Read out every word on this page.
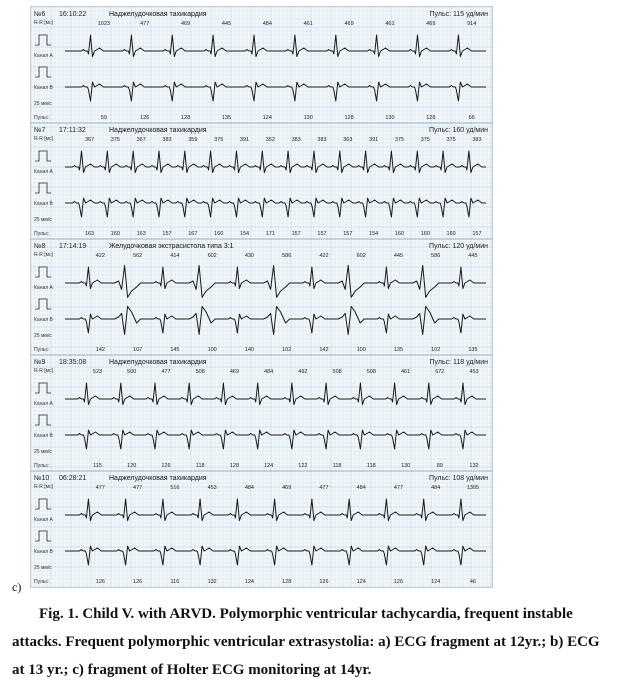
№6 16:10:22	Наджелудочковая тахикардия	Пульс: 115 уд/мин
R-R [мс]
Канал А
Канал В
25 мм/с
Пульс:
1023	477	469	445	484	461	469	461	469	914
59	126	128	135	124	130	128	130	128	66
№7 17:11:32	Наджелудочковая тахикардия	Пульс: 160 уд/мин
R-R [мс]
Канал А
Канал В
25 мм/с
Пульс:
367	375	367	383	359	375	391	352	383	383	363	391	375	375	375	383
163	160	163	157	167	160	154	171	157	157	157	154	160	160	160	157
№8 17:14:19	Желудочковая экстрасистола типа 3:1	Пульс: 120 уд/мин
R-R [мс]
Канал А
Канал В
25 мм/с
Пульс:
422	562	414	602	430	586	422	602	445	586	445
142	107	145	100	140	102	142	100	135	102	135
№9 18:35:08	Наджелудочковая тахикардия	Пульс: 118 уд/мин
R-R [мс]
Канал А
Канал В
25 мм/с
Пульс:
523	500	477	508	469	484	492	508	508	461	672	453
115	120	126	118	128	124	122	118	118	130	89	132
№10 06:28:21	Наджелудочковая тахикардия	Пульс: 108 уд/мин
R-R [мс]
Канал А
Канал В
25 мм/с
Пульс:
477	477	516	453	484	469	477	484	477	484	1305
126	126	116	132	124	128	126	124	126	124	46
c)
Fig. 1. Child V. with ARVD. Polymorphic ventricular tachycardia, frequent instable attacks. Frequent polymorphic ventricular extrasystolia: a) ECG fragment at 12yr.; b) ECG at 13 yr.; c) fragment of Holter ECG monitoring at 14yr.
